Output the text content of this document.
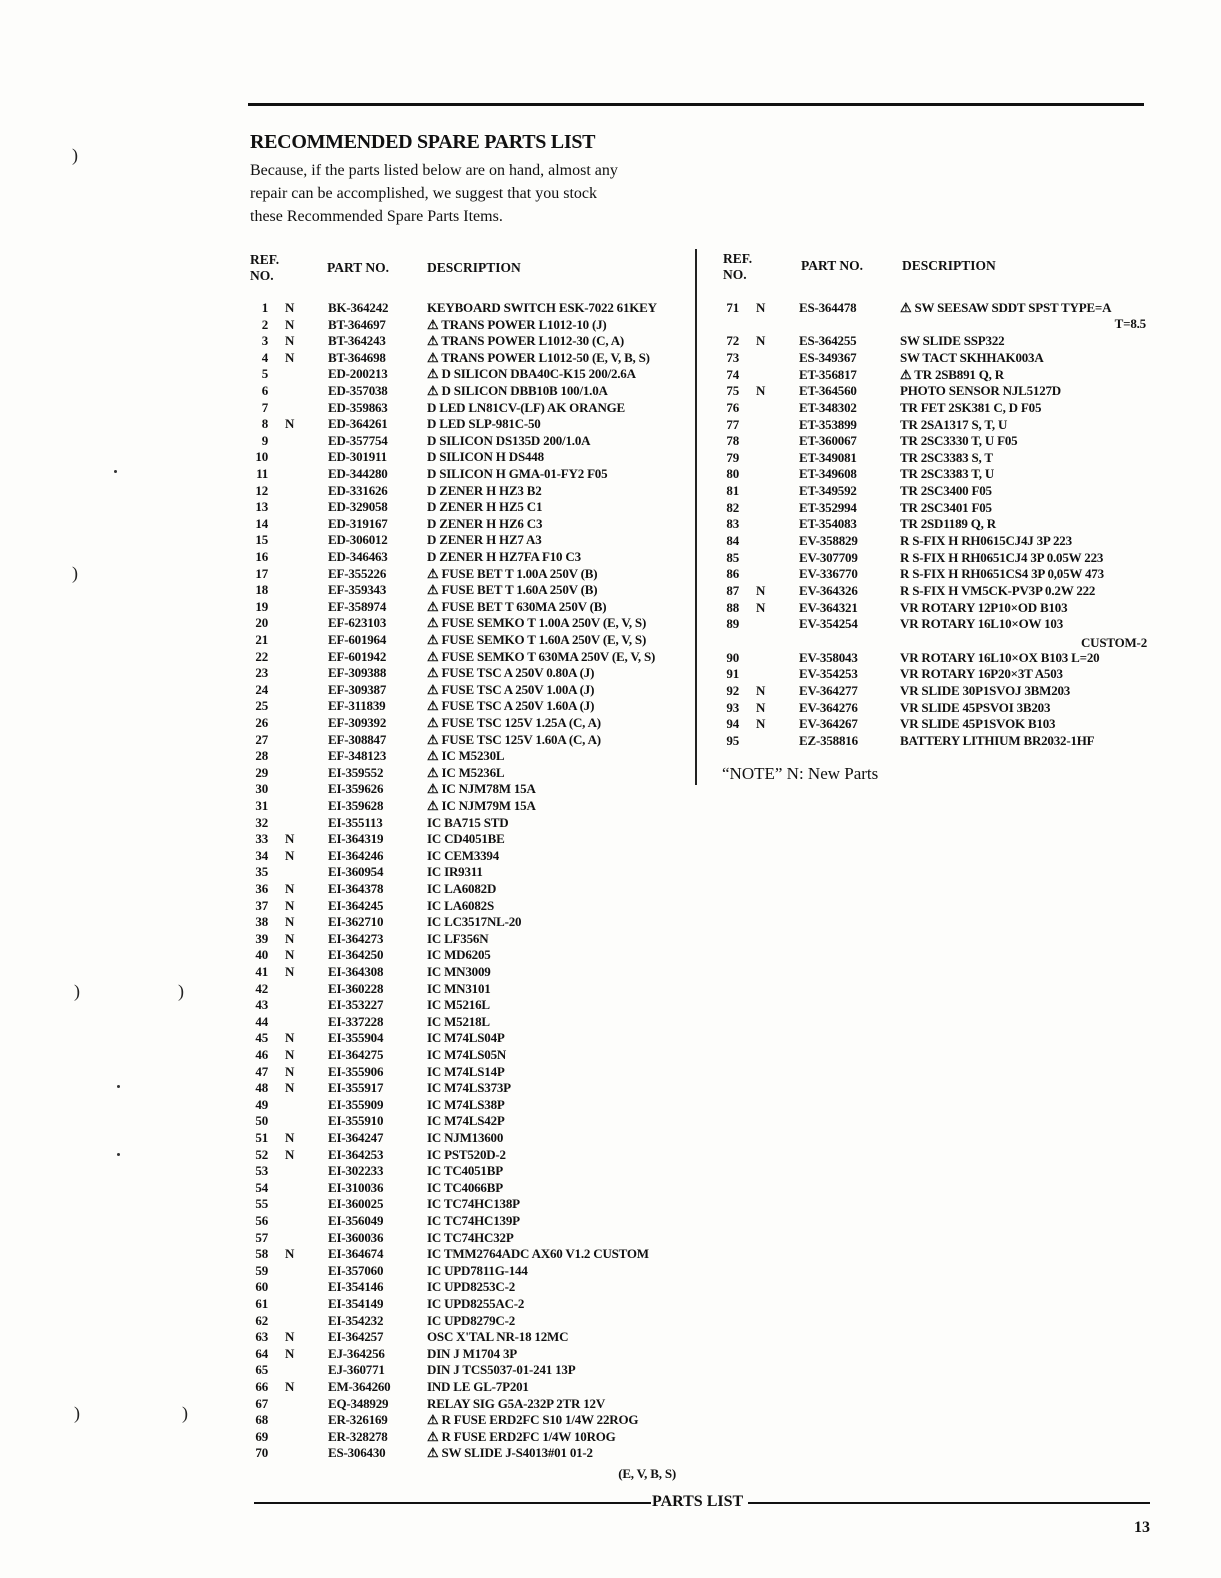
RECOMMENDED SPARE PARTS LIST
Because, if the parts listed below are on hand, almost any
repair can be accomplished, we suggest that you stock
these Recommended Spare Parts Items.
REF.
NO.
PART NO.	DESCRIPTION
REF.
NO.
PART NO.	DESCRIPTION
1 N	BK-364242	KEYBOARD SWITCH ESK-7022 61KEY
2 N	BT-364697	⚠ TRANS POWER L1012-10 (J)
3 N	BT-364243	⚠ TRANS POWER L1012-30 (C, A)
4 N	BT-364698	⚠ TRANS POWER L1012-50 (E, V, B, S)
5	ED-200213	⚠ D SILICON DBA40C-K15 200/2.6A
6	ED-357038	⚠ D SILICON DBB10B 100/1.0A
7	ED-359863	D LED LN81CV-(LF) AK ORANGE
8 N	ED-364261	D LED SLP-981C-50
9	ED-357754	D SILICON DS135D 200/1.0A
10	ED-301911	D SILICON H DS448
11	ED-344280	D SILICON H GMA-01-FY2 F05
12	ED-331626	D ZENER H HZ3 B2
13	ED-329058	D ZENER H HZ5 C1
14	ED-319167	D ZENER H HZ6 C3
15	ED-306012	D ZENER H HZ7 A3
16	ED-346463	D ZENER H HZ7FA F10 C3
17	EF-355226	⚠ FUSE BET T 1.00A 250V (B)
18	EF-359343	⚠ FUSE BET T 1.60A 250V (B)
19	EF-358974	⚠ FUSE BET T 630MA 250V (B)
20	EF-623103	⚠ FUSE SEMKO T 1.00A 250V (E, V, S)
21	EF-601964	⚠ FUSE SEMKO T 1.60A 250V (E, V, S)
22	EF-601942	⚠ FUSE SEMKO T 630MA 250V (E, V, S)
23	EF-309388	⚠ FUSE TSC A 250V 0.80A (J)
24	EF-309387	⚠ FUSE TSC A 250V 1.00A (J)
25	EF-311839	⚠ FUSE TSC A 250V 1.60A (J)
26	EF-309392	⚠ FUSE TSC 125V 1.25A (C, A)
27	EF-308847	⚠ FUSE TSC 125V 1.60A (C, A)
28	EF-348123	⚠ IC M5230L
29	EI-359552	⚠ IC M5236L
30	EI-359626	⚠ IC NJM78M 15A
31	EI-359628	⚠ IC NJM79M 15A
32	EI-355113	IC BA715 STD
33 N	EI-364319	IC CD4051BE
34 N	EI-364246	IC CEM3394
35	EI-360954	IC IR9311
36 N	EI-364378	IC LA6082D
37 N	EI-364245	IC LA6082S
38 N	EI-362710	IC LC3517NL-20
39 N	EI-364273	IC LF356N
40 N	EI-364250	IC MD6205
41 N	EI-364308	IC MN3009
42	EI-360228	IC MN3101
43	EI-353227	IC M5216L
44	EI-337228	IC M5218L
45 N	EI-355904	IC M74LS04P
46 N	EI-364275	IC M74LS05N
47 N	EI-355906	IC M74LS14P
48 N	EI-355917	IC M74LS373P
49	EI-355909	IC M74LS38P
50	EI-355910	IC M74LS42P
51 N	EI-364247	IC NJM13600
52 N	EI-364253	IC PST520D-2
53	EI-302233	IC TC4051BP
54	EI-310036	IC TC4066BP
55	EI-360025	IC TC74HC138P
56	EI-356049	IC TC74HC139P
57	EI-360036	IC TC74HC32P
58 N	EI-364674	IC TMM2764ADC AX60 V1.2 CUSTOM
59	EI-357060	IC UPD7811G-144
60	EI-354146	IC UPD8253C-2
61	EI-354149	IC UPD8255AC-2
62	EI-354232	IC UPD8279C-2
63 N	EI-364257	OSC X'TAL NR-18 12MC
64 N	EJ-364256	DIN J M1704 3P
65	EJ-360771	DIN J TCS5037-01-241 13P
66 N	EM-364260	IND LE GL-7P201
67	EQ-348929	RELAY SIG G5A-232P 2TR 12V
68	ER-326169	⚠ R FUSE ERD2FC S10 1/4W 22ROG
69	ER-328278	⚠ R FUSE ERD2FC 1/4W 10ROG
70	ES-306430	⚠ SW SLIDE J-S4013#01 01-2
71 N	ES-364478	⚠ SW SEESAW SDDT SPST TYPE=A
72 N	ES-364255	SW SLIDE SSP322
73	ES-349367	SW TACT SKHHAK003A
74	ET-356817	⚠ TR 2SB891 Q, R
75 N	ET-364560	PHOTO SENSOR NJL5127D
76	ET-348302	TR FET 2SK381 C, D F05
77	ET-353899	TR 2SA1317 S, T, U
78	ET-360067	TR 2SC3330 T, U F05
79	ET-349081	TR 2SC3383 S, T
80	ET-349608	TR 2SC3383 T, U
81	ET-349592	TR 2SC3400 F05
82	ET-352994	TR 2SC3401 F05
83	ET-354083	TR 2SD1189 Q, R
84	EV-358829	R S-FIX H RH0615CJ4J 3P 223
85	EV-307709	R S-FIX H RH0651CJ4 3P 0.05W 223
86	EV-336770	R S-FIX H RH0651CS4 3P 0,05W 473
87 N	EV-364326	R S-FIX H VM5CK-PV3P 0.2W 222
88 N	EV-364321	VR ROTARY 12P10×OD B103
89	EV-354254	VR ROTARY 16L10×OW 103
90	EV-358043	VR ROTARY 16L10×OX B103 L=20
91	EV-354253	VR ROTARY 16P20×3T A503
92 N	EV-364277	VR SLIDE 30P1SVOJ 3BM203
93 N	EV-364276	VR SLIDE 45PSVOI 3B203
94 N	EV-364267	VR SLIDE 45P1SVOK B103
95	EZ-358816	BATTERY LITHIUM BR2032-1HF
(E, V, B, S)
T=8.5
CUSTOM-2
“NOTE” N: New Parts
PARTS LIST
13
)
)
)	)
)	)
